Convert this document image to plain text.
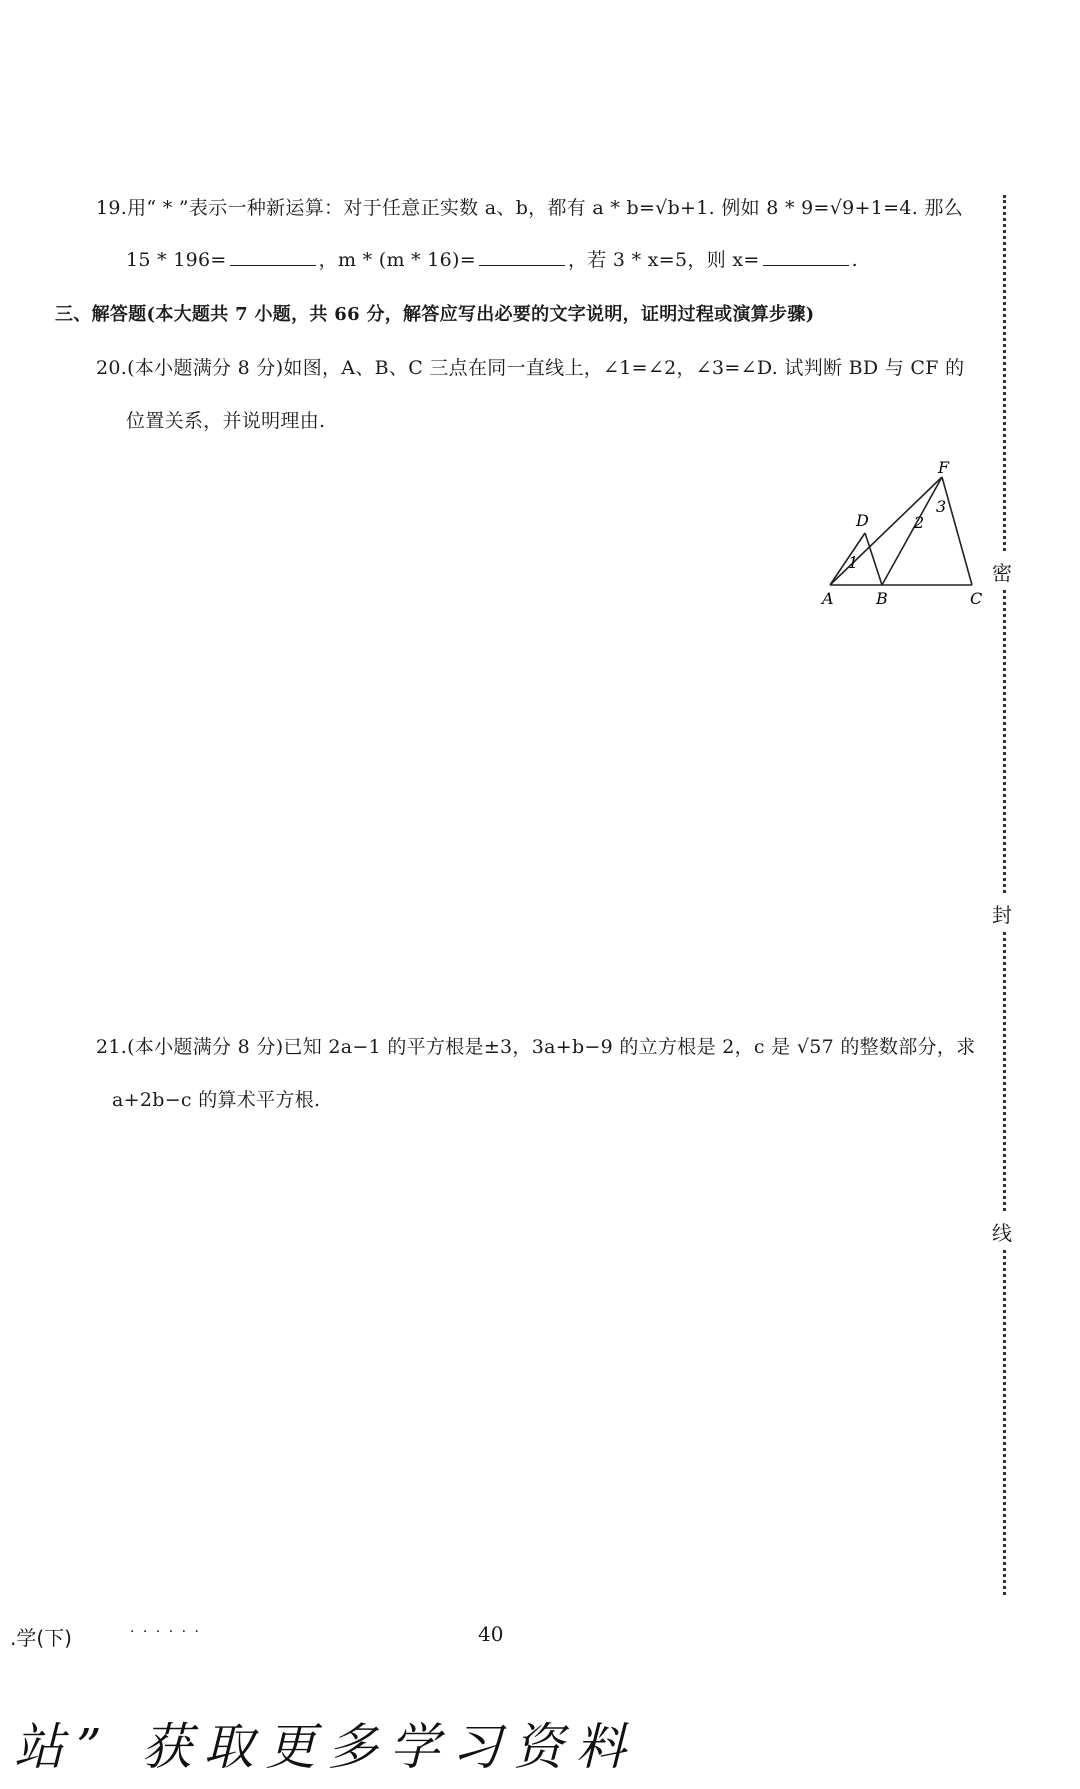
19.用“ * ”表示一种新运算：对于任意正实数 a、b，都有 a * b=√b+1. 例如 8 * 9=√9+1=4. 那么
15 * 196=	，m * (m * 16)=	，若 3 * x=5，则 x=	.
三、解答题(本大题共 7 小题，共 66 分，解答应写出必要的文字说明，证明过程或演算步骤)
20.(本小题满分 8 分)如图，A、B、C 三点在同一直线上，∠1=∠2，∠3=∠D. 试判断 BD 与 CF 的
位置关系，并说明理由.
A	B	C
D
F
1
2
3
21.(本小题满分 8 分)已知 2a−1 的平方根是±3，3a+b−9 的立方根是 2，c 是 √57 的整数部分，求
a+2b−c 的算术平方根.
密
封
线
.学(下)	· · · · · ·	40
站” 获取更多学习资料
